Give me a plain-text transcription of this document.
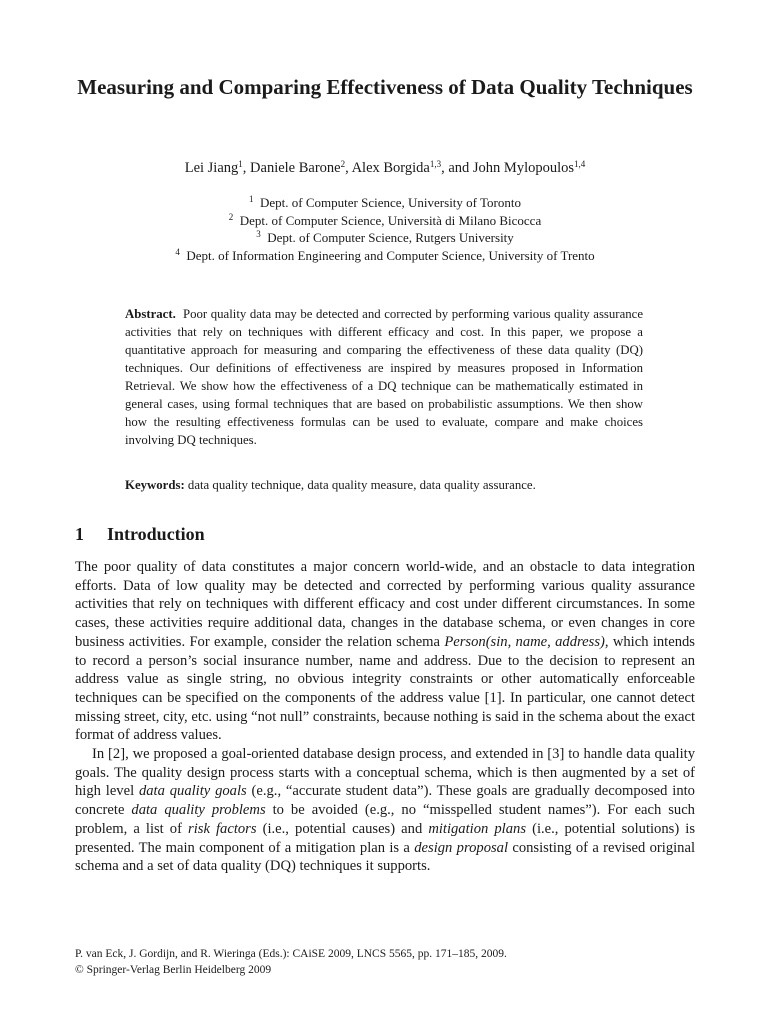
Measuring and Comparing Effectiveness of Data Quality Techniques
Lei Jiang$^1$, Daniele Barone$^2$, Alex Borgida$^{1,3}$, and John Mylopoulos$^{1,4}$
$^1$ Dept. of Computer Science, University of Toronto
$^2$ Dept. of Computer Science, Università di Milano Bicocca
$^3$ Dept. of Computer Science, Rutgers University
$^4$ Dept. of Information Engineering and Computer Science, University of Trento
Abstract. Poor quality data may be detected and corrected by performing various quality assurance activities that rely on techniques with different efficacy and cost. In this paper, we propose a quantitative approach for measuring and comparing the effectiveness of these data quality (DQ) techniques. Our definitions of effectiveness are inspired by measures proposed in Information Retrieval. We show how the effectiveness of a DQ technique can be mathematically estimated in general cases, using formal techniques that are based on probabilistic assumptions. We then show how the resulting effectiveness formulas can be used to evaluate, compare and make choices involving DQ techniques.
Keywords: data quality technique, data quality measure, data quality assurance.
1 Introduction

The poor quality of data constitutes a major concern world-wide, and an obstacle to data integration efforts. Data of low quality may be detected and corrected by performing various quality assurance activities that rely on techniques with different efficacy and cost under different circumstances. In some cases, these activities require additional data, changes in the database schema, or even changes in core business activities. For example, consider the relation schema Person(sin, name, address), which intends to record a person’s social insurance number, name and address. Due to the decision to represent an address value as single string, no obvious integrity constraints or other automatically enforceable techniques can be specified on the components of the address value [1]. In particular, one cannot detect missing street, city, etc. using “not null” constraints, because nothing is said in the schema about the exact format of address values.

In [2], we proposed a goal-oriented database design process, and extended in [3] to handle data quality goals. The quality design process starts with a conceptual schema, which is then augmented by a set of high level data quality goals (e.g., “accurate student data”). These goals are gradually decomposed into concrete data quality problems to be avoided (e.g., no “misspelled student names”). For each such problem, a list of risk factors (i.e., potential causes) and mitigation plans (i.e., potential solutions) is presented. The main component of a mitigation plan is a design proposal consisting of a revised original schema and a set of data quality (DQ) techniques it supports.

P. van Eck, J. Gordijn, and R. Wieringa (Eds.): CAiSE 2009, LNCS 5565, pp. 171–185, 2009.
© Springer-Verlag Berlin Heidelberg 2009
